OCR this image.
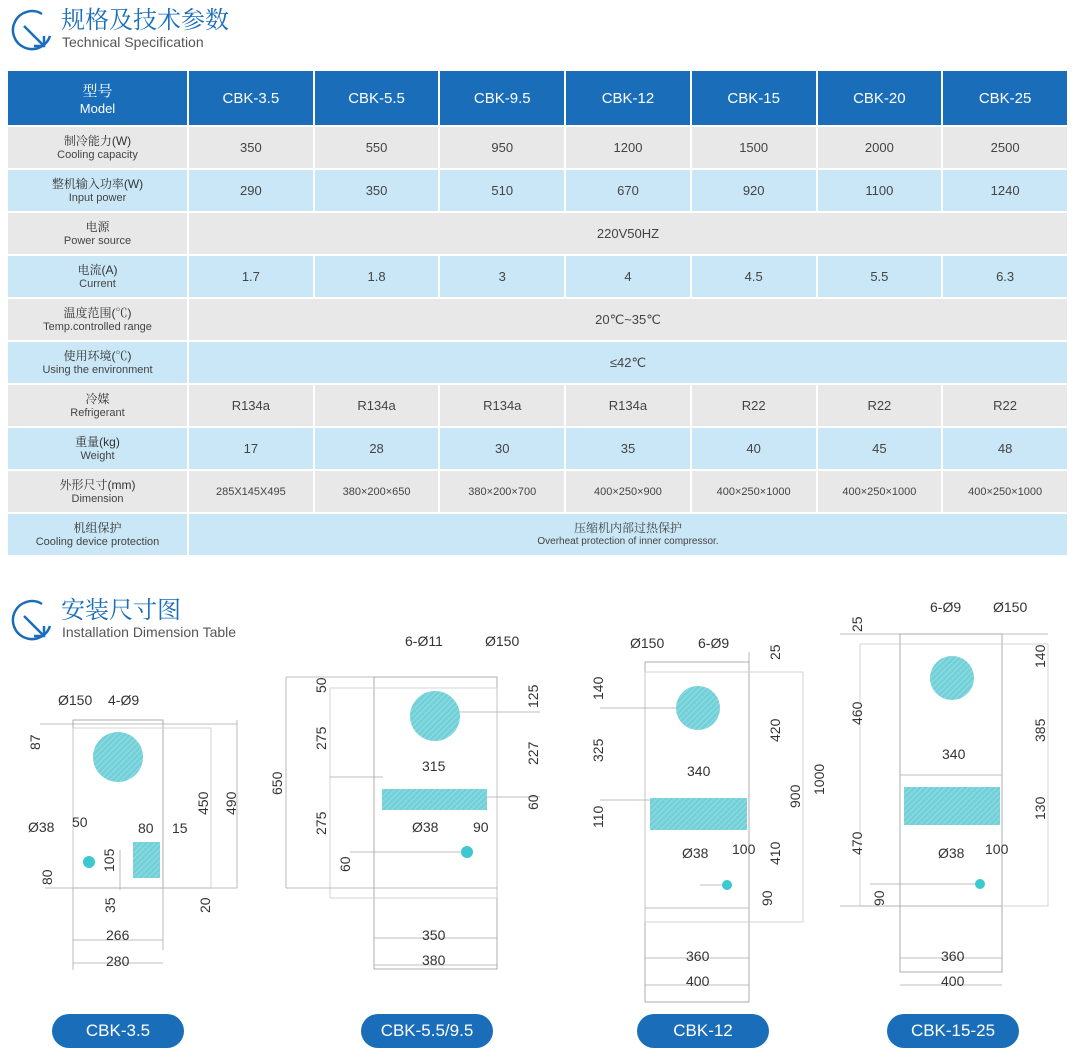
规格及技术参数
Technical Specification
型号
Model	CBK-3.5	CBK-5.5	CBK-9.5	CBK-12	CBK-15	CBK-20	CBK-25

制冷能力(W)
Cooling capacity	350	550	950	1200	1500	2000	2500

整机输入功率(W)
Input power	290	350	510	670	920	1100	1240

电源
Power source	220V50HZ						

电流(A)
Current	1.7	1.8	3	4	4.5	5.5	6.3

温度范围(℃)
Temp.controlled range	20℃~35℃						

使用环境(℃)
Using the environment	≤42℃						

冷媒
Refrigerant	R134a	R134a	R134a	R134a	R22	R22	R22

重量(kg)
Weight	17	28	30	35	40	45	48

外形尺寸(mm)
Dimension	285X145X495	380×200×650	380×200×700	400×250×900	400×250×1000	400×250×1000	400×250×1000

机组保护
Cooling device protection	压缩机内部过热保护
Overheat protection of inner compressor.						
安装尺寸图
Installation Dimension Table
Ø150 4-Ø9
87
450 490
Ø38 50	80 15
105
80
35	20
266
280
6-Ø11	Ø150
50	125
275
227
650
315
60
275	Ø38 90
60
350
380
Ø150 6-Ø9
25
140
420
325
340
900
110
Ø38 100 410
90
360
400
6-Ø9 Ø150
25
140
460
385
1000
340
130
470	Ø38 100
90
360
400
CBK-3.5	CBK-5.5/9.5	CBK-12	CBK-15-25
